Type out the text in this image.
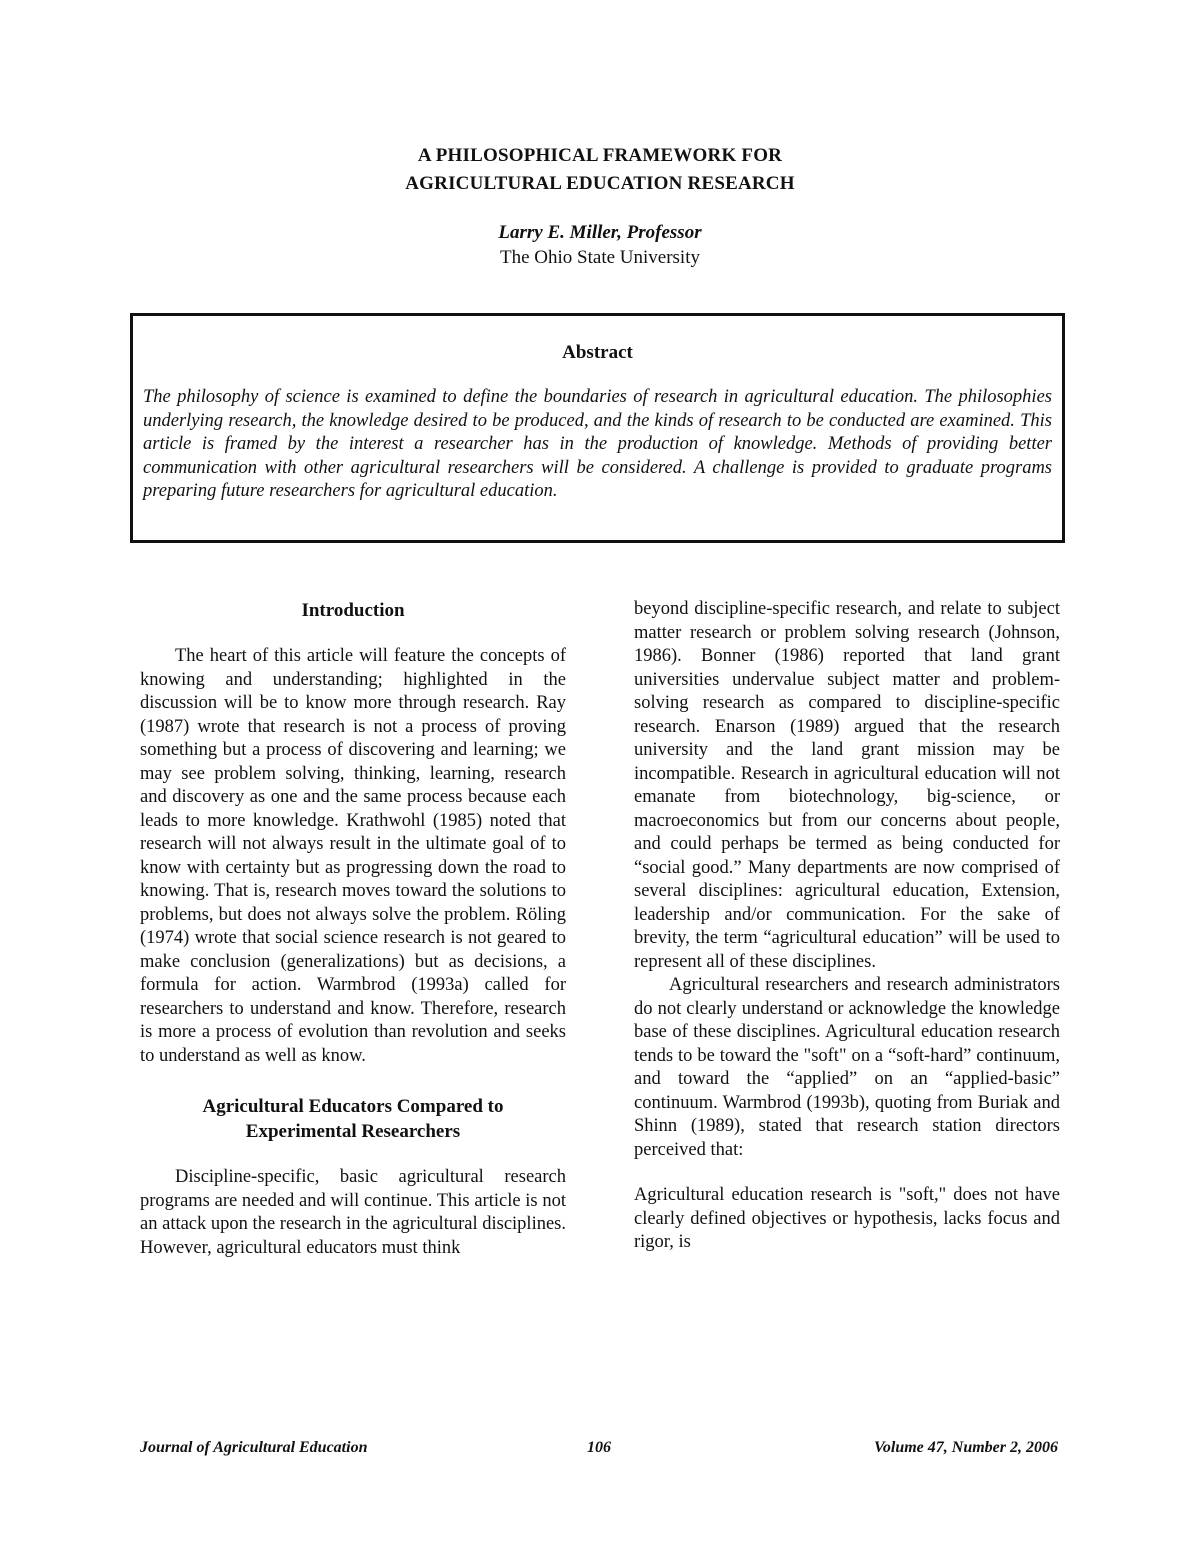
A PHILOSOPHICAL FRAMEWORK FOR
AGRICULTURAL EDUCATION RESEARCH
Larry E. Miller, Professor
The Ohio State University
Abstract
The philosophy of science is examined to define the boundaries of research in agricultural education. The philosophies underlying research, the knowledge desired to be produced, and the kinds of research to be conducted are examined. This article is framed by the interest a researcher has in the production of knowledge. Methods of providing better communication with other agricultural researchers will be considered. A challenge is provided to graduate programs preparing future researchers for agricultural education.
Introduction

The heart of this article will feature the concepts of knowing and understanding; highlighted in the discussion will be to know more through research. Ray (1987) wrote that research is not a process of proving something but a process of discovering and learning; we may see problem solving, thinking, learning, research and discovery as one and the same process because each leads to more knowledge. Krathwohl (1985) noted that research will not always result in the ultimate goal of to know with certainty but as progressing down the road to knowing. That is, research moves toward the solutions to problems, but does not always solve the problem. Röling (1974) wrote that social science research is not geared to make conclusion (generalizations) but as decisions, a formula for action. Warmbrod (1993a) called for researchers to understand and know. Therefore, research is more a process of evolution than revolution and seeks to understand as well as know.

Agricultural Educators Compared to
Experimental Researchers

Discipline-specific, basic agricultural research programs are needed and will continue. This article is not an attack upon the research in the agricultural disciplines. However, agricultural educators must think

beyond discipline-specific research, and relate to subject matter research or problem solving research (Johnson, 1986). Bonner (1986) reported that land grant universities undervalue subject matter and problem-solving research as compared to discipline-specific research. Enarson (1989) argued that the research university and the land grant mission may be incompatible. Research in agricultural education will not emanate from biotechnology, big-science, or macroeconomics but from our concerns about people, and could perhaps be termed as being conducted for “social good.” Many departments are now comprised of several disciplines: agricultural education, Extension, leadership and/or communication. For the sake of brevity, the term “agricultural education” will be used to represent all of these disciplines.

Agricultural researchers and research administrators do not clearly understand or acknowledge the knowledge base of these disciplines. Agricultural education research tends to be toward the "soft" on a “soft-hard” continuum, and toward the “applied” on an “applied-basic” continuum. Warmbrod (1993b), quoting from Buriak and Shinn (1989), stated that research station directors perceived that:

Agricultural education research is "soft," does not have clearly defined objectives or hypothesis, lacks focus and rigor, is

Journal of Agricultural Education	106	Volume 47, Number 2, 2006
